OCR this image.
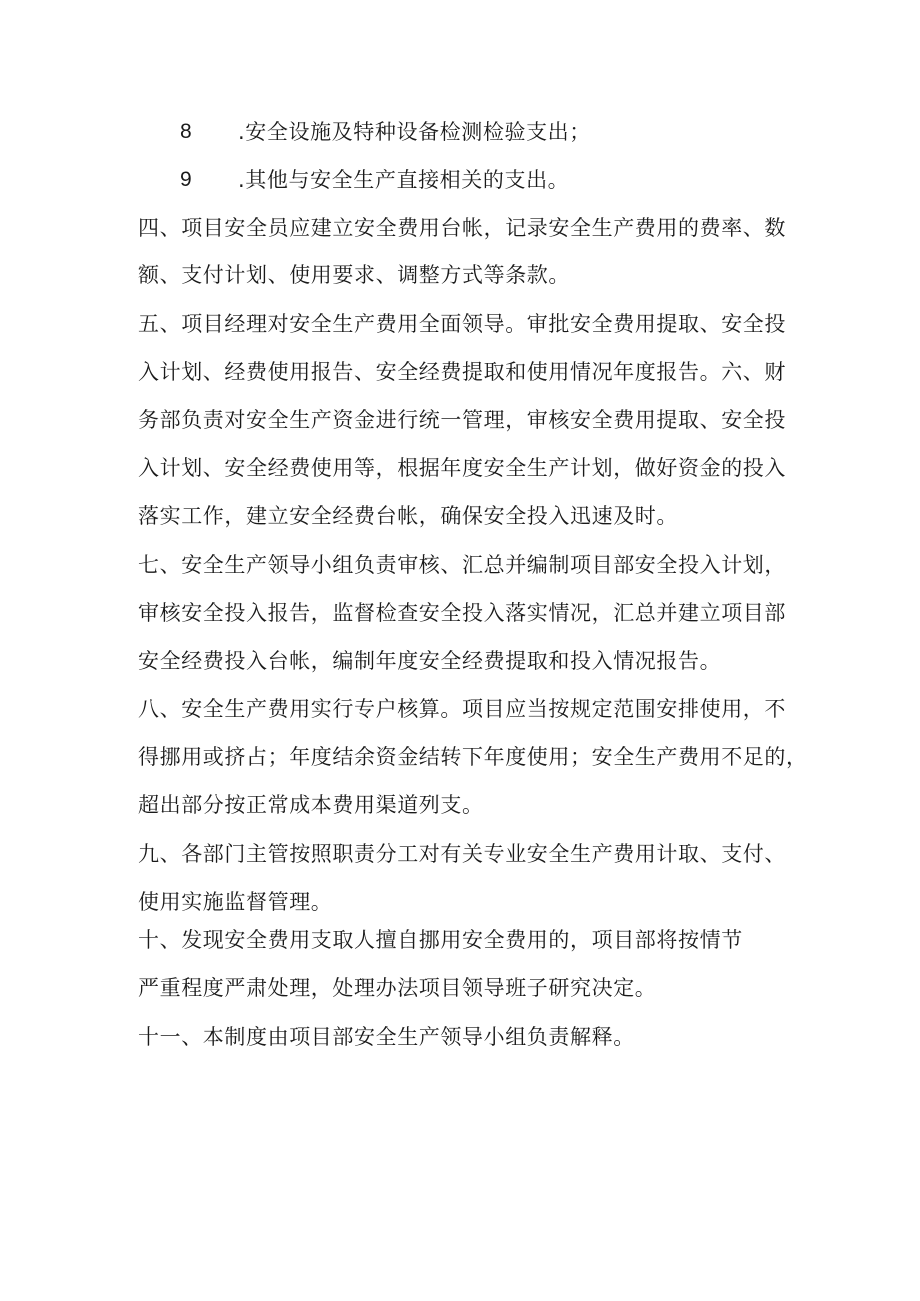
8 .安全设施及特种设备检测检验支出；
9 .其他与安全生产直接相关的支出。
四、项目安全员应建立安全费用台帐，记录安全生产费用的费率、数
额、支付计划、使用要求、调整方式等条款。
五、项目经理对安全生产费用全面领导。审批安全费用提取、安全投
入计划、经费使用报告、安全经费提取和使用情况年度报告。六、财
务部负责对安全生产资金进行统一管理，审核安全费用提取、安全投
入计划、安全经费使用等，根据年度安全生产计划，做好资金的投入
落实工作，建立安全经费台帐，确保安全投入迅速及时。
七、安全生产领导小组负责审核、汇总并编制项目部安全投入计划，
审核安全投入报告，监督检查安全投入落实情况，汇总并建立项目部
安全经费投入台帐，编制年度安全经费提取和投入情况报告。
八、安全生产费用实行专户核算。项目应当按规定范围安排使用，不
得挪用或挤占；年度结余资金结转下年度使用；安全生产费用不足的，
超出部分按正常成本费用渠道列支。
九、各部门主管按照职责分工对有关专业安全生产费用计取、支付、
使用实施监督管理。
十、发现安全费用支取人擅自挪用安全费用的，项目部将按情节
严重程度严肃处理，处理办法项目领导班子研究决定。
十一、本制度由项目部安全生产领导小组负责解释。
